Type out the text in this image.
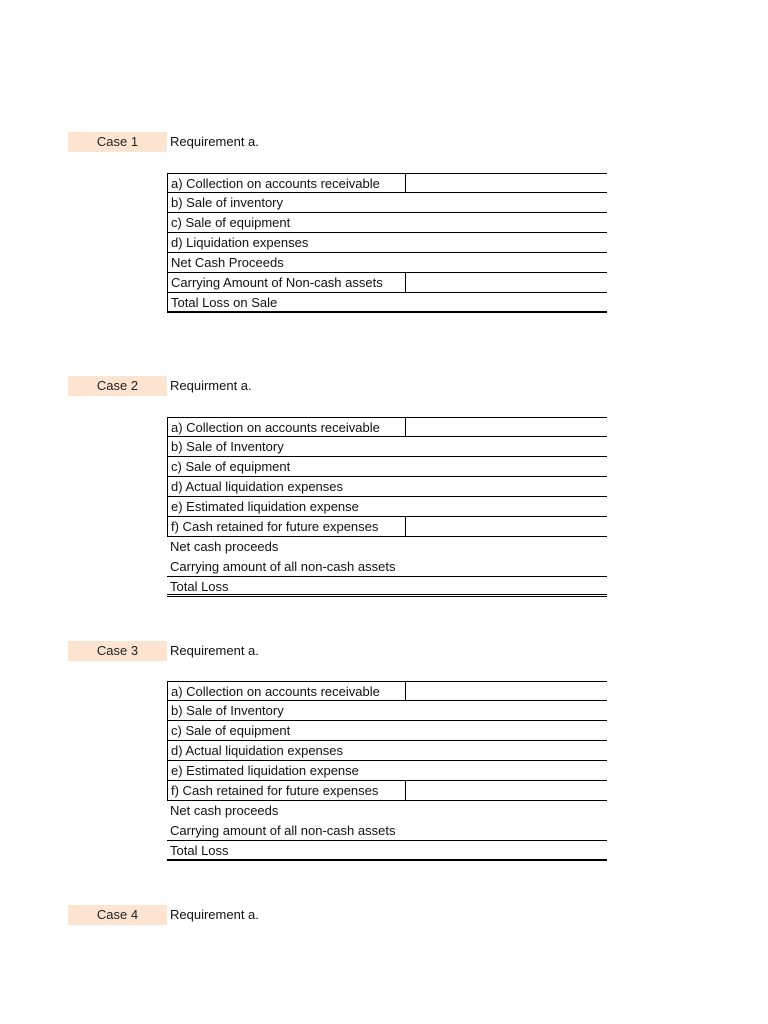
Case 1	Requirement a.
a) Collection on accounts receivable
b) Sale of inventory
c) Sale of equipment
d) Liquidation expenses
Net Cash Proceeds
Carrying Amount of Non-cash assets
Total Loss on Sale
Case 2	Requirment a.
a) Collection on accounts receivable
b) Sale of Inventory
c) Sale of equipment
d) Actual liquidation expenses
e) Estimated liquidation expense
f) Cash retained for future expenses
Net cash proceeds
Carrying amount of all non-cash assets
Total Loss
Case 3	Requirement a.
a) Collection on accounts receivable
b) Sale of Inventory
c) Sale of equipment
d) Actual liquidation expenses
e) Estimated liquidation expense
f) Cash retained for future expenses
Net cash proceeds
Carrying amount of all non-cash assets
Total Loss
Case 4	Requirement a.
